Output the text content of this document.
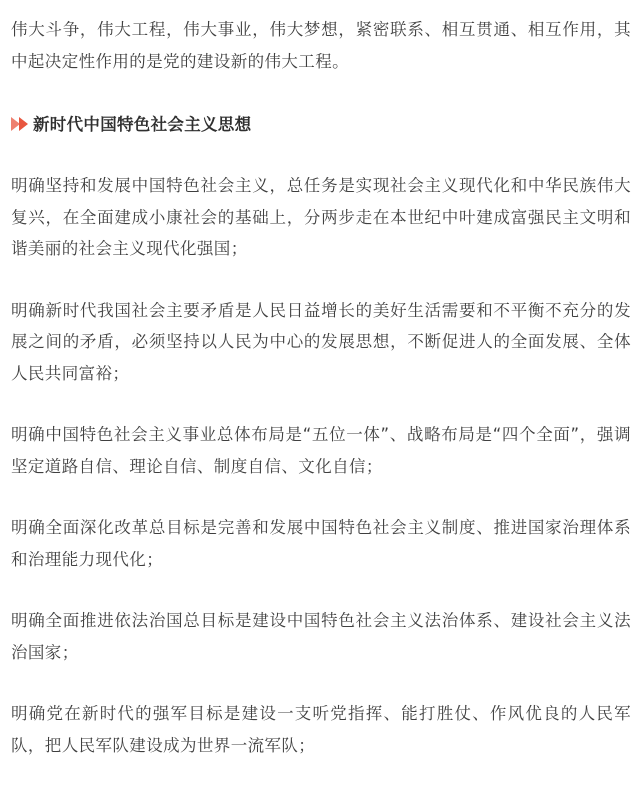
伟大斗争，伟大工程，伟大事业，伟大梦想，紧密联系、相互贯通、相互作用，其中起决定性作用的是党的建设新的伟大工程。

新时代中国特色社会主义思想

明确坚持和发展中国特色社会主义，总任务是实现社会主义现代化和中华民族伟大复兴，在全面建成小康社会的基础上，分两步走在本世纪中叶建成富强民主文明和谐美丽的社会主义现代化强国；

明确新时代我国社会主要矛盾是人民日益增长的美好生活需要和不平衡不充分的发展之间的矛盾，必须坚持以人民为中心的发展思想，不断促进人的全面发展、全体人民共同富裕；

明确中国特色社会主义事业总体布局是“五位一体”、战略布局是“四个全面”，强调坚定道路自信、理论自信、制度自信、文化自信；

明确全面深化改革总目标是完善和发展中国特色社会主义制度、推进国家治理体系和治理能力现代化；

明确全面推进依法治国总目标是建设中国特色社会主义法治体系、建设社会主义法治国家；

明确党在新时代的强军目标是建设一支听党指挥、能打胜仗、作风优良的人民军队，把人民军队建设成为世界一流军队；
